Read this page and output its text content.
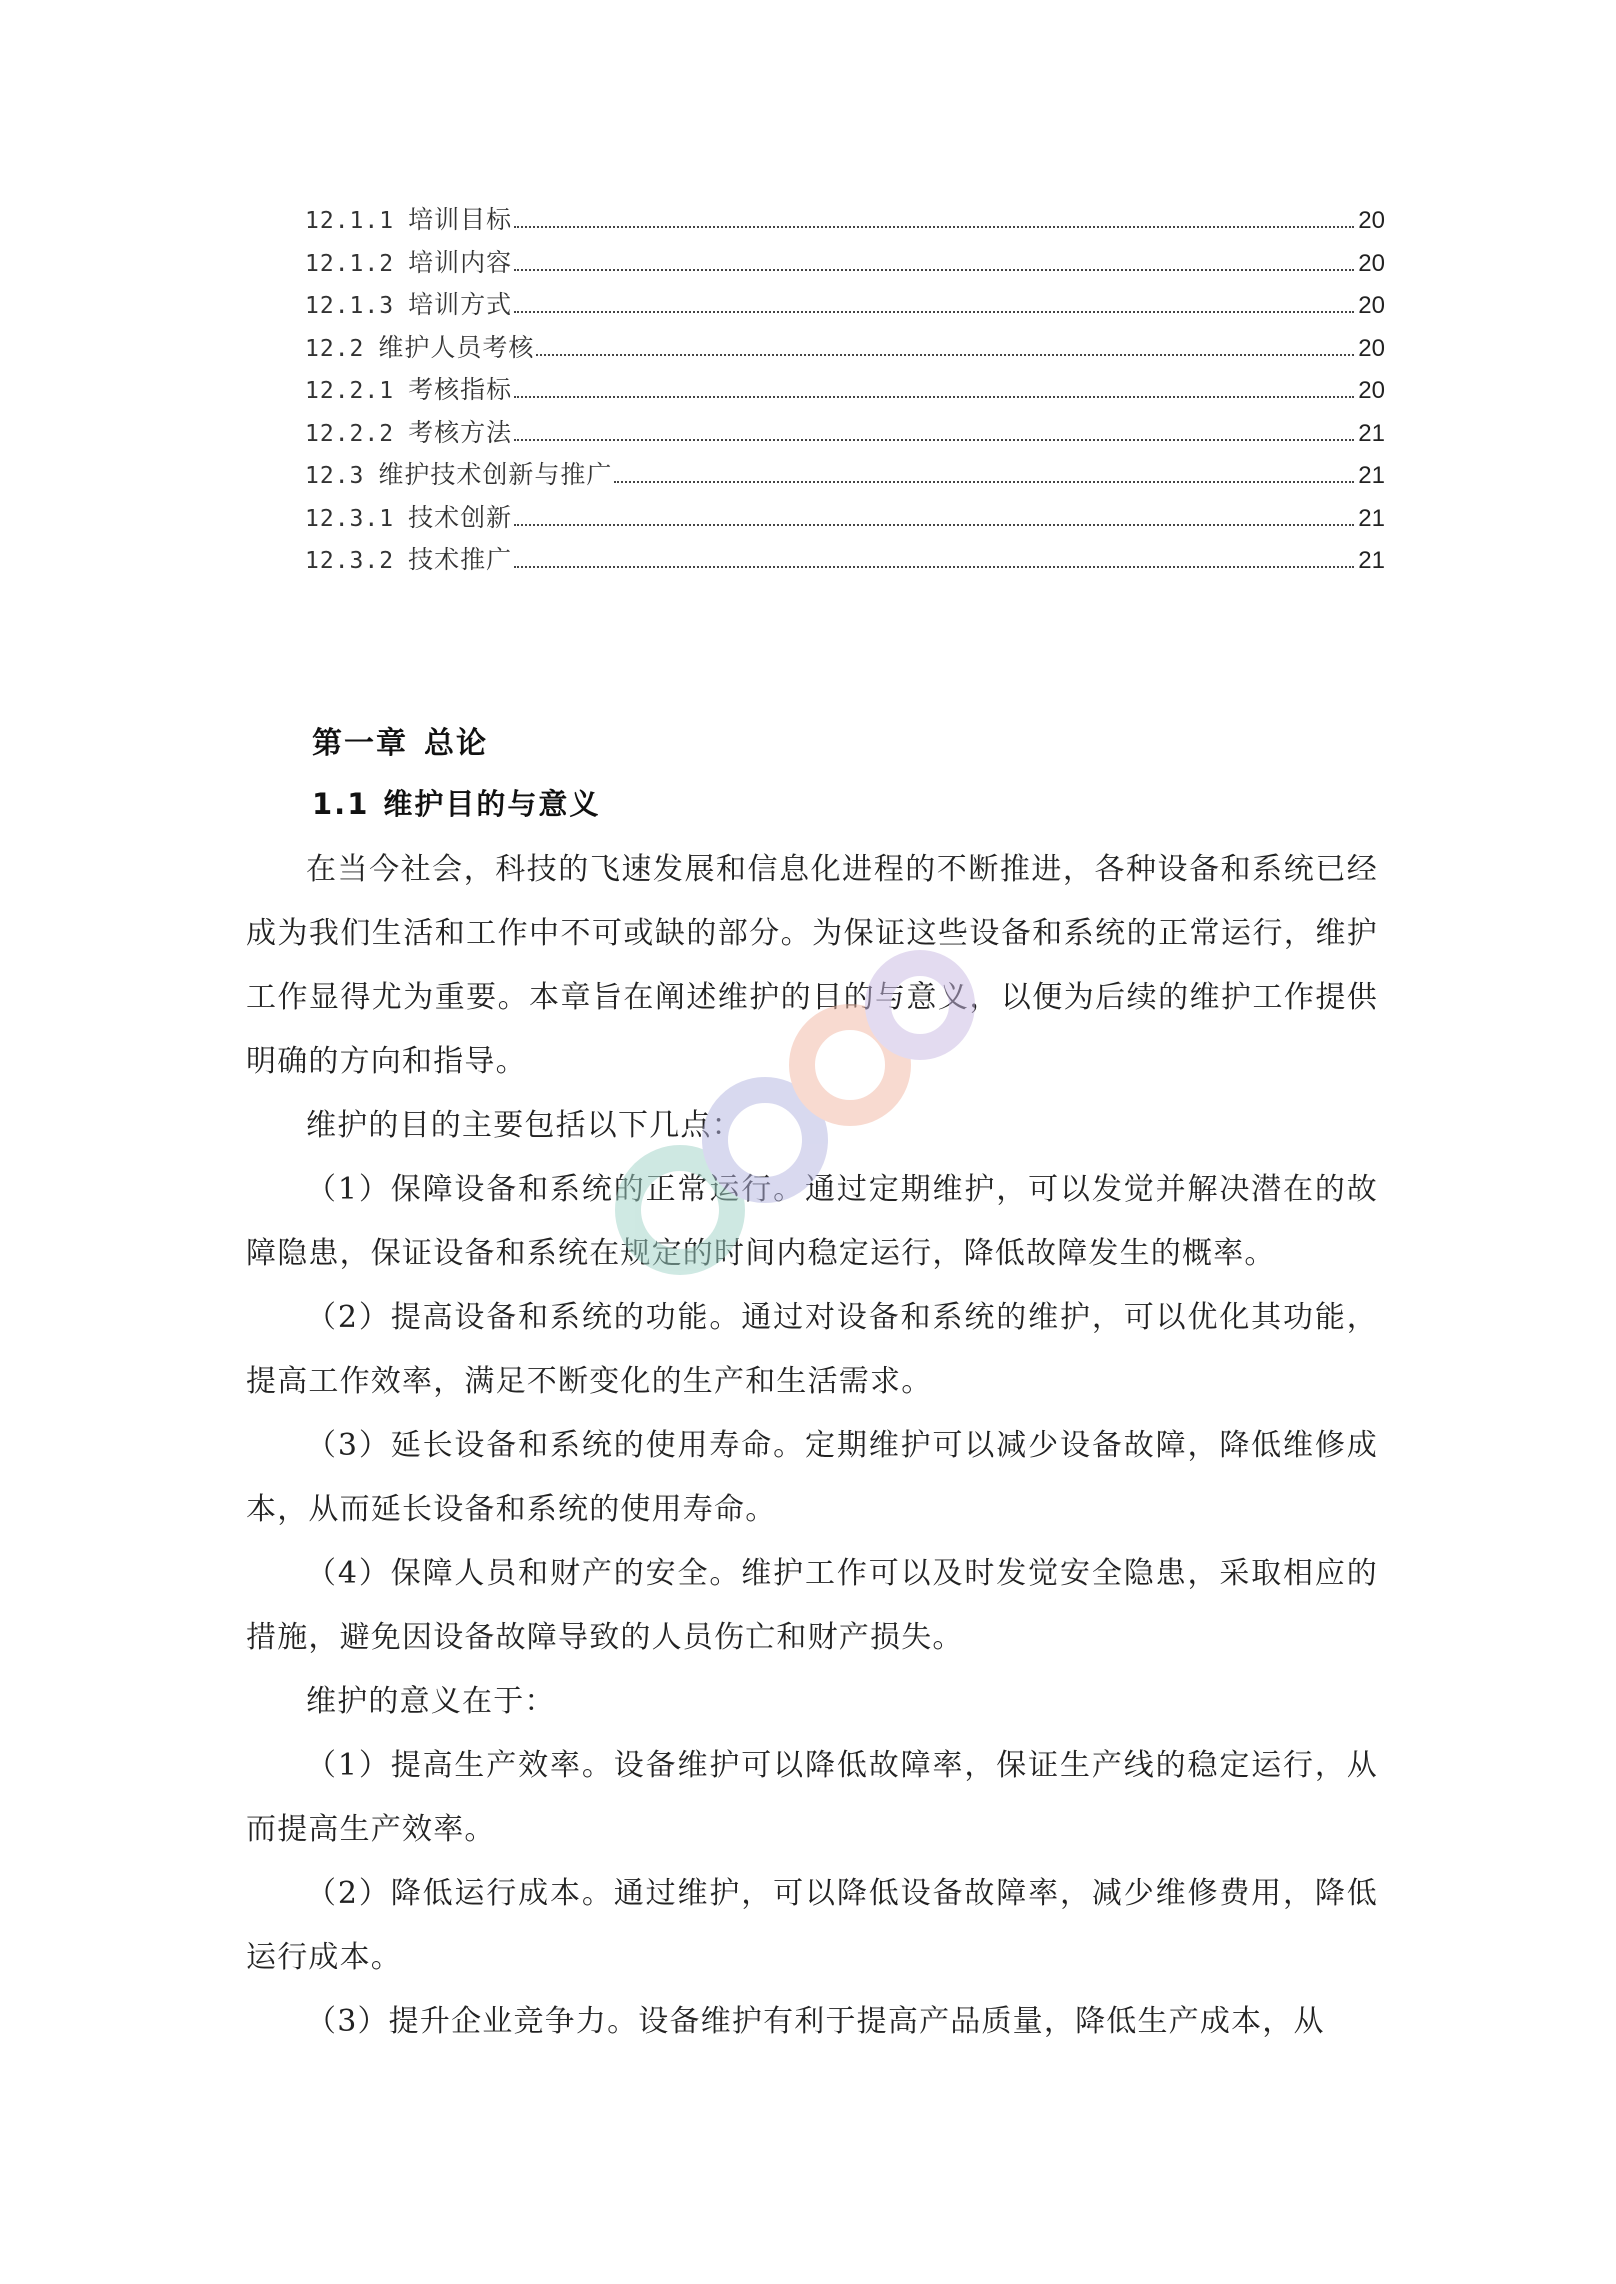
12.1.1 培训目标	20
12.1.2 培训内容	20
12.1.3 培训方式	20
12.2 维护人员考核	20
12.2.1 考核指标	20
12.2.2 考核方法	21
12.3 维护技术创新与推广	21
12.3.1 技术创新	21
12.3.2 技术推广	21
第一章 总论
1.1 维护目的与意义

在当今社会，科技的飞速发展和信息化进程的不断推进，各种设备和系统已经成为我们生活和工作中不可或缺的部分。为保证这些设备和系统的正常运行，维护工作显得尤为重要。本章旨在阐述维护的目的与意义，以便为后续的维护工作提供明确的方向和指导。

维护的目的主要包括以下几点：

（1）保障设备和系统的正常运行。通过定期维护，可以发觉并解决潜在的故障隐患，保证设备和系统在规定的时间内稳定运行，降低故障发生的概率。

（2）提高设备和系统的功能。通过对设备和系统的维护，可以优化其功能，提高工作效率，满足不断变化的生产和生活需求。

（3）延长设备和系统的使用寿命。定期维护可以减少设备故障，降低维修成本，从而延长设备和系统的使用寿命。

（4）保障人员和财产的安全。维护工作可以及时发觉安全隐患，采取相应的措施，避免因设备故障导致的人员伤亡和财产损失。

维护的意义在于：

（1）提高生产效率。设备维护可以降低故障率，保证生产线的稳定运行，从而提高生产效率。

（2）降低运行成本。通过维护，可以降低设备故障率，减少维修费用，降低运行成本。

（3）提升企业竞争力。设备维护有利于提高产品质量，降低生产成本，从
